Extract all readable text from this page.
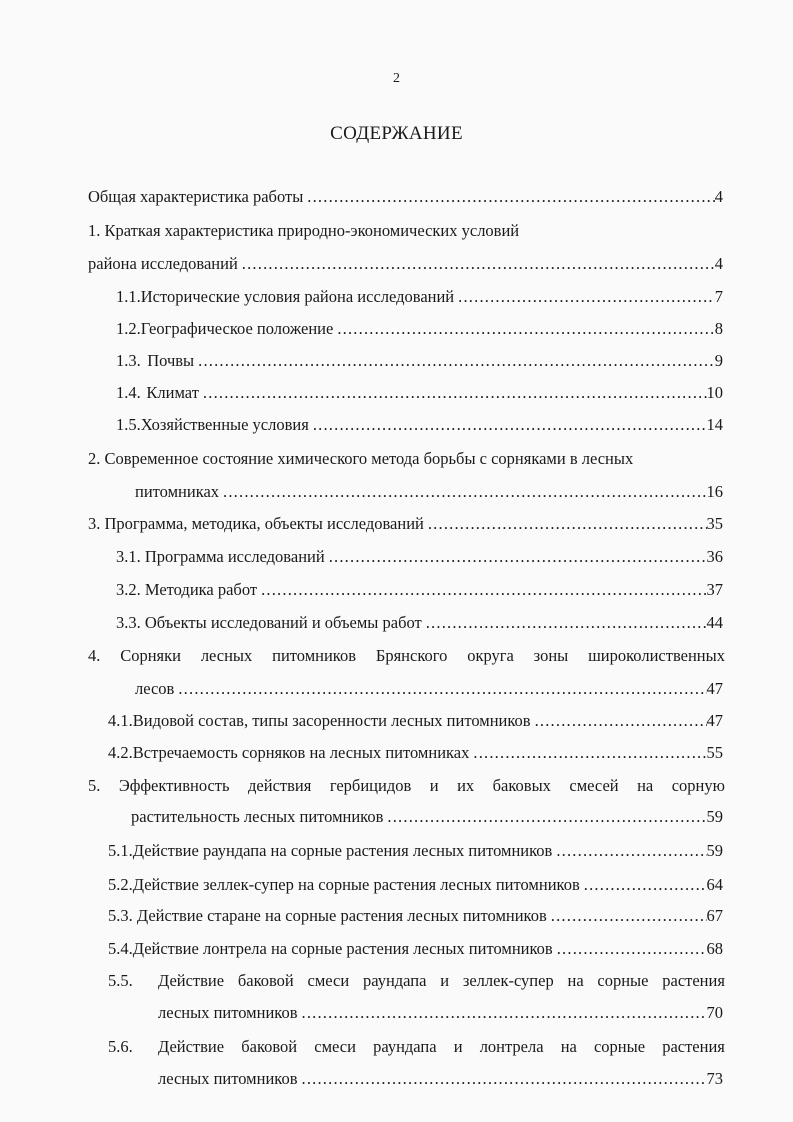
2
СОДЕРЖАНИЕ
Общая характеристика работы .....	4
1. Краткая характеристика природно-экономических условий
района исследований .....	4
1.1. Исторические условия района исследований .....	7
1.2. Географическое положение .....	8
1.3. Почвы .....	9
1.4. Климат .....	10
1.5. Хозяйственные условия .....	14
2. Современное состояние химического метода борьбы с сорняками в лесных
питомниках .....	16
3. Программа, методика, объекты исследований .....	35
3.1. Программа исследований .....	36
3.2. Методика работ .....	37
3.3. Объекты исследований и объемы работ .....	44
4. Сорняки лесных питомников Брянского округа зоны широколиственных
лесов .....	47
4.1. Видовой состав, типы засоренности лесных питомников .....	47
4.2. Встречаемость сорняков на лесных питомниках .....	55
5. Эффективность действия гербицидов и их баковых смесей на сорную
растительность лесных питомников .....	59
5.1. Действие раундапа на сорные растения лесных питомников .....	59
5.2. Действие зеллек-супер на сорные растения лесных питомников .....	64
5.3. Действие старане на сорные растения лесных питомников .....	67
5.4. Действие лонтрела на сорные растения лесных питомников .....	68
5.5.	Действие баковой смеси раундапа и зеллек-супер на сорные растения
лесных питомников .....	70
5.6.	Действие баковой смеси раундапа и лонтрела на сорные растения
лесных питомников .....	73
